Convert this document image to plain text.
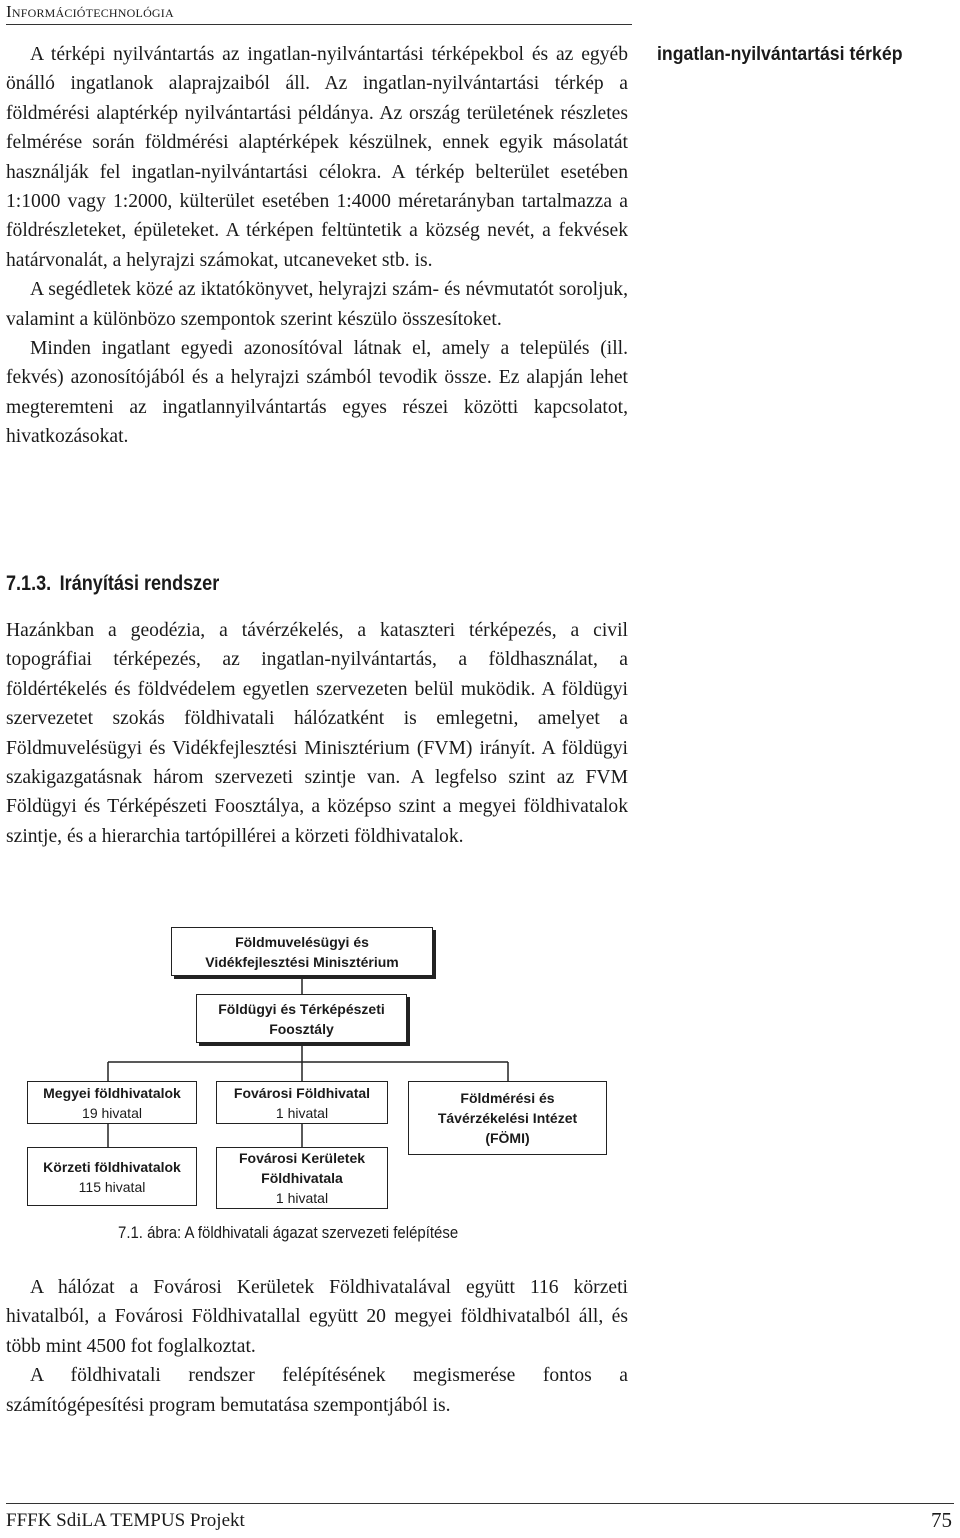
Információtechnológia
ingatlan-nyilvántartási térkép

A térképi nyilvántartás az ingatlan-nyilvántartási térképekbol és az egyéb önálló ingatlanok alaprajzaiból áll. Az ingatlan-nyilvántartási térkép a földmérési alaptérkép nyilvántartási példánya. Az ország területének részletes felmérése során földmérési alaptérképek készülnek, ennek egyik másolatát használják fel ingatlan-nyilvántartási célokra. A térkép belterület esetében 1:1000 vagy 1:2000, külterület esetében 1:4000 méretarányban tartalmazza a földrészleteket, épületeket. A térképen feltüntetik a község nevét, a fekvések határvonalát, a helyrajzi számokat, utcaneveket stb. is.

A segédletek közé az iktatókönyvet, helyrajzi szám- és névmutatót soroljuk, valamint a különbözo szempontok szerint készülo összesítoket.

Minden ingatlant egyedi azonosítóval látnak el, amely a település (ill. fekvés) azonosítójából és a helyrajzi számból tevodik össze. Ez alapján lehet megteremteni az ingatlannyilvántartás egyes részei közötti kapcsolatot, hivatkozásokat.

7.1.3. Irányítási rendszer

Hazánkban a geodézia, a távérzékelés, a kataszteri térképezés, a civil topográfiai térképezés, az ingatlan-nyilvántartás, a földhasználat, a földértékelés és földvédelem egyetlen szervezeten belül muködik. A földügyi szervezetet szokás földhivatali hálózatként is emlegetni, amelyet a Földmuvelésügyi és Vidékfejlesztési Minisztérium (FVM) irányít. A földügyi szakigazgatásnak három szervezeti szintje van. A legfelso szint az FVM Földügyi és Térképészeti Foosztálya, a középso szint a megyei földhivatalok szintje, és a hierarchia tartópillérei a körzeti földhivatalok.

Földmuvelésügyi és
Vidékfejlesztési Minisztérium
Földügyi és Térképészeti
Foosztály
Megyei földhivatalok
19 hivatal
Körzeti földhivatalok
115 hivatal
Fovárosi Földhivatal
1 hivatal
Fovárosi Kerületek
Földhivatala
1 hivatal
Földmérési és
Távérzékelési Intézet
(FÖMI)
7.1. ábra: A földhivatali ágazat szervezeti felépítése

A hálózat a Fovárosi Kerületek Földhivatalával együtt 116 körzeti hivatalból, a Fovárosi Földhivatallal együtt 20 megyei földhivatalból áll, és több mint 4500 fot foglalkoztat.

A földhivatali rendszer felépítésének megismerése fontos a számítógépesítési program bemutatása szempontjából is.

FFFK SdiLA TEMPUS Projekt	75
